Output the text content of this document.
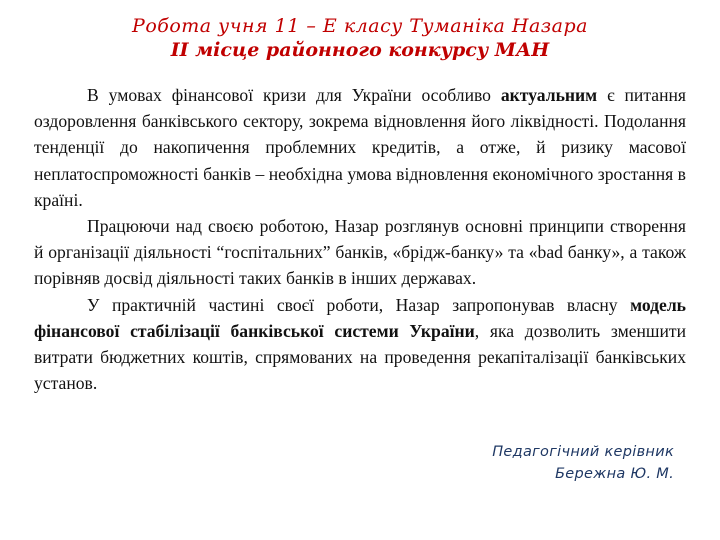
Робота учня 11 – Е класу Туманіка Назара
ІІ місце районного конкурсу МАН

В умовах фінансової кризи для України особливо актуальним є питання оздоровлення банківського сектору, зокрема відновлення його ліквідності. Подолання тенденції до накопичення проблемних кредитів, а отже, й ризику масової неплатоспроможності банків – необхідна умова відновлення економічного зростання в країні.

Працюючи над своєю роботою, Назар розглянув основні принципи створення й організації діяльності “госпітальних” банків, «брідж-банку» та «bad банку», а також порівняв досвід діяльності таких банків в інших державах.

У практичній частині своєї роботи, Назар запропонував власну модель фінансової стабілізації банківської системи України, яка дозволить зменшити витрати бюджетних коштів, спрямованих на проведення рекапіталізації банківських установ.

Педагогічний керівник
Бережна Ю. М.
